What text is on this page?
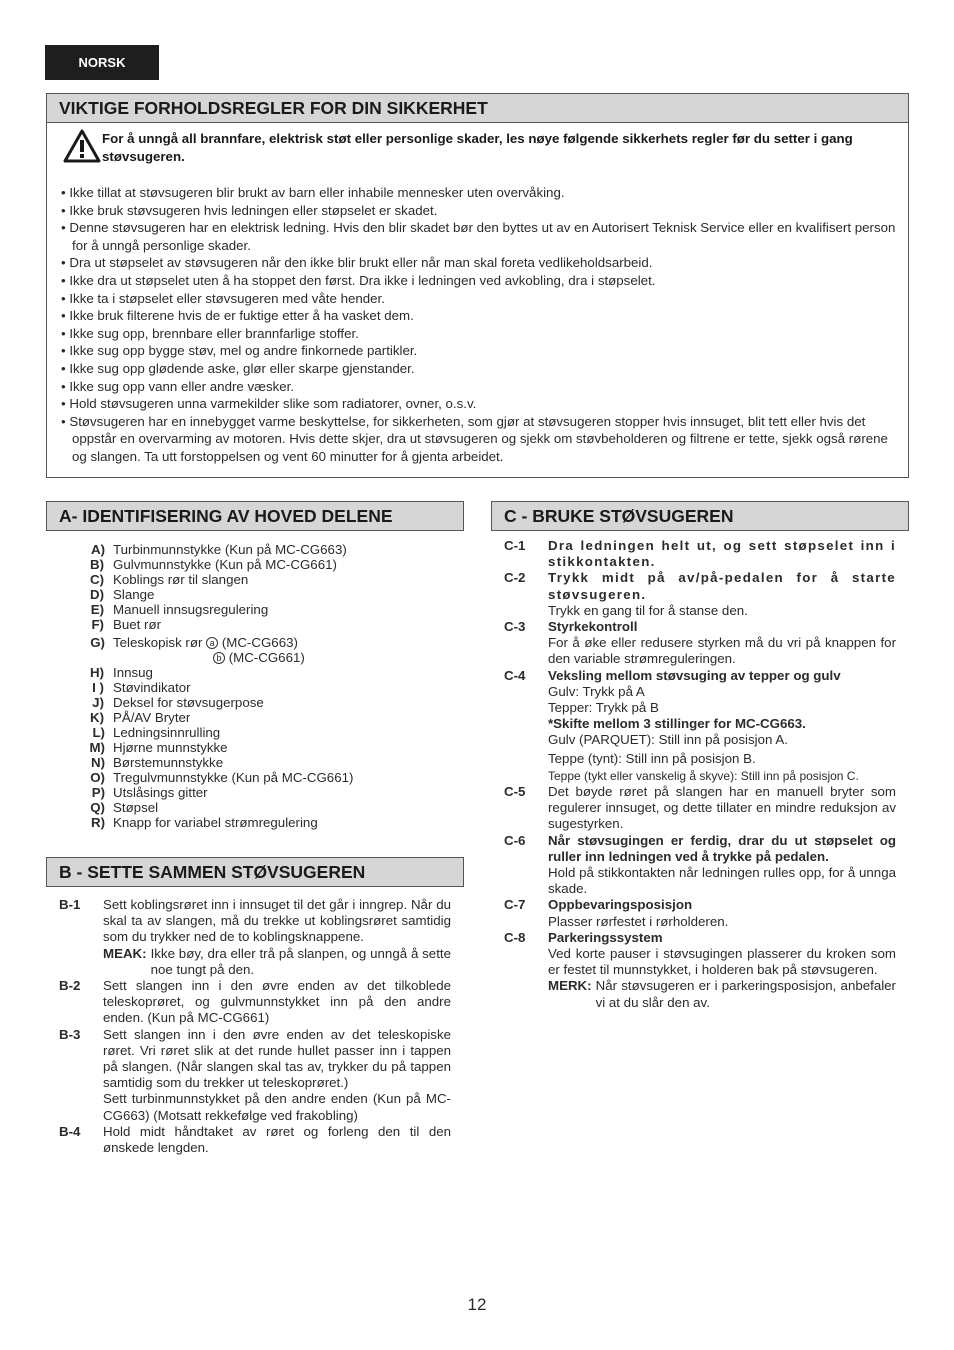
NORSK
VIKTIGE FORHOLDSREGLER FOR DIN SIKKERHET
For å unngå all brannfare, elektrisk støt eller personlige skader, les nøye følgende sikkerhets regler før du setter i gang støvsugeren.
• Ikke tillat at støvsugeren blir brukt av barn eller inhabile mennesker uten overvåking.
• Ikke bruk støvsugeren hvis ledningen eller støpselet er skadet.
• Denne støvsugeren har en elektrisk ledning. Hvis den blir skadet bør den byttes ut av en Autorisert Teknisk Service eller en kvalifisert person for å unngå personlige skader.
• Dra ut støpselet av støvsugeren når den ikke blir brukt eller når man skal foreta vedlikeholdsarbeid.
• Ikke dra ut støpselet uten å ha stoppet den først. Dra ikke i ledningen ved avkobling, dra i støpselet.
• Ikke ta i støpselet eller støvsugeren med våte hender.
• Ikke bruk filterene hvis de er fuktige etter å ha vasket dem.
• Ikke sug opp, brennbare eller brannfarlige stoffer.
• Ikke sug opp bygge støv, mel og andre finkornede partikler.
• Ikke sug opp glødende aske, glør eller skarpe gjenstander.
• Ikke sug opp vann eller andre væsker.
• Hold støvsugeren unna varmekilder slike som radiatorer, ovner, o.s.v.
• Støvsugeren har en innebygget varme beskyttelse, for sikkerheten, som gjør at støvsugeren stopper hvis innsuget, blit tett eller hvis det oppstår en overvarming av motoren. Hvis dette skjer, dra ut støvsugeren og sjekk om støvbeholderen og filtrene er tette, sjekk også rørene og slangen. Ta utt forstoppelsen og vent 60 minutter for å gjenta arbeidet.
A- IDENTIFISERING AV HOVED DELENE
A) Turbinmunnstykke (Kun på MC-CG663)
B) Gulvmunnstykke (Kun på MC-CG661)
C) Koblings rør til slangen
D) Slange
E) Manuell innsugsregulering
F) Buet rør
G) Teleskopisk rør a (MC-CG663)
b (MC-CG661)
H) Innsug
I ) Støvindikator
J) Deksel for støvsugerpose
K) PÅ/AV Bryter
L) Ledningsinnrulling
M) Hjørne munnstykke
N) Børstemunnstykke
O) Tregulvmunnstykke (Kun på MC-CG661)
P) Utslåsings gitter
Q) Støpsel
R) Knapp for variabel strømregulering
B - SETTE SAMMEN STØVSUGEREN
B-1	Sett koblingsrøret inn i innsuget til det går i inngrep. Når du skal ta av slangen, må du trekke ut koblingsrøret samtidig som du trykker ned de to koblingsknappene.
MEAK: Ikke bøy, dra eller trå på slanpen, og unngå å sette noe tungt på den.
B-2	Sett slangen inn i den øvre enden av det tilkoblede teleskoprøret, og gulvmunnstykket inn på den andre enden. (Kun på MC-CG661)
B-3	Sett slangen inn i den øvre enden av det teleskopiske røret. Vri røret slik at det runde hullet passer inn i tappen på slangen. (Når slangen skal tas av, trykker du på tappen samtidig som du trekker ut teleskoprøret.)
Sett turbinmunnstykket på den andre enden (Kun på MC-CG663) (Motsatt rekkefølge ved frakobling)
B-4	Hold midt håndtaket av røret og forleng den til den ønskede lengden.
C - BRUKE STØVSUGEREN
C-1	Dra ledningen helt ut, og sett støpselet inn i stikkontakten.
C-2	Trykk midt på av/på-pedalen for å starte støvsugeren.
Trykk en gang til for å stanse den.
C-3	Styrkekontroll
For å øke eller redusere styrken må du vri på knappen for den variable strømreguleringen.
C-4	Veksling mellom støvsuging av tepper og gulv
Gulv: Trykk på A
Tepper: Trykk på B
*Skifte mellom 3 stillinger for MC-CG663.
Gulv (PARQUET): Still inn på posisjon A.
Teppe (tynt): Still inn på posisjon B.
Teppe (tykt eller vanskelig å skyve): Still inn på posisjon C.
C-5	Det bøyde røret på slangen har en manuell bryter som regulerer innsuget, og dette tillater en mindre reduksjon av sugestyrken.
C-6	Når støvsugingen er ferdig, drar du ut støpselet og ruller inn ledningen ved å trykke på pedalen.
Hold på stikkontakten når ledningen rulles opp, for å unnga skade.
C-7	Oppbevaringsposisjon
Plasser rørfestet i rørholderen.
C-8	Parkeringssystem
Ved korte pauser i støvsugingen plasserer du kroken som er festet til munnstykket, i holderen bak på støvsugeren.
MERK: Når støvsugeren er i parkeringsposisjon, anbefaler vi at du slår den av.
12
